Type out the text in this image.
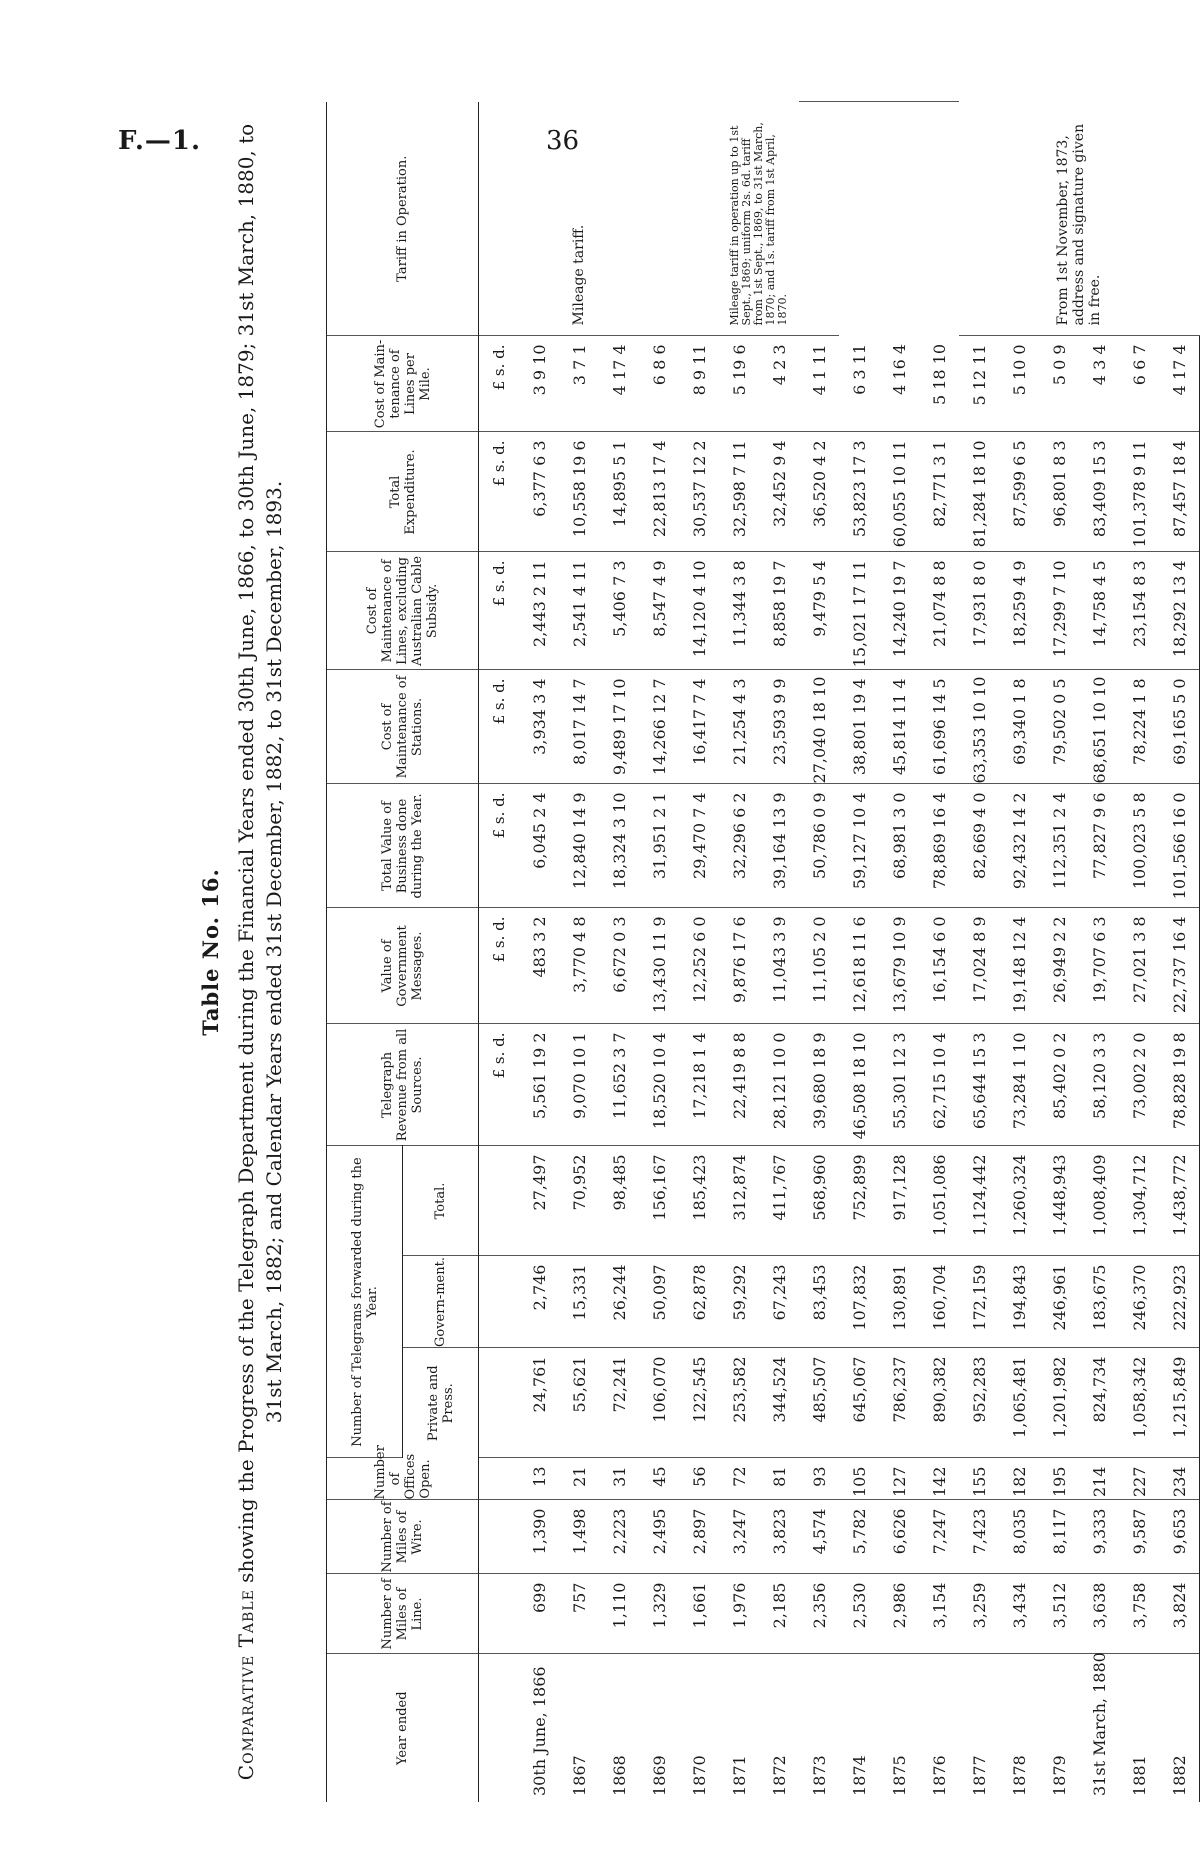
F.—1.	36
Table No. 16.
Comparative Table showing the Progress of the Telegraph Department during the Financial Years ended 30th June, 1866, to 30th June, 1879; 31st March, 1880, to 31st March, 1882; and Calendar Years ended 31st December, 1882, to 31st December, 1893.
Year ended	Number of Miles of Line.	Number of Miles of Wire.	Number of Offices Open.	Number of Telegrams forwarded during the Year.			Telegraph Revenue from all Sources.	Value of Government Messages.	Total Value of Business done during the Year.	Cost of Maintenance of Stations.	Cost of Maintenance of Lines, excluding Australian Cable Subsidy.	Total Expenditure.	Cost of Main-tenance of Lines per Mile.	Tariff in Operation.	
				Private and Press.	Govern-ment.	Total.									
							£ s. d.	£ s. d.	£ s. d.	£ s. d.	£ s. d.	£ s. d.	£ s. d.	Mileage tariff.	
30th June, 1866	699	1,390	13	24,761	2,746	27,497	5,561 19 2	483 3 2	6,045 2 4	3,934 3 4	2,443 2 11	6,377 6 3	3 9 10		
1867	757	1,498	21	55,621	15,331	70,952	9,070 10 1	3,770 4 8	12,840 14 9	8,017 14 7	2,541 4 11	10,558 19 6	3 7 1		
1868	1,110	2,223	31	72,241	26,244	98,485	11,652 3 7	6,672 0 3	18,324 3 10	9,489 17 10	5,406 7 3	14,895 5 1	4 17 4		
1869	1,329	2,495	45	106,070	50,097	156,167	18,520 10 4	13,430 11 9	31,951 2 1	14,266 12 7	8,547 4 9	22,813 17 4	6 8 6		
1870	1,661	2,897	56	122,545	62,878	185,423	17,218 1 4	12,252 6 0	29,470 7 4	16,417 7 4	14,120 4 10	30,537 12 2	8 9 11	Mileage tariff in operation up to 1st Sept., 1869; uniform 2s. 6d. tariff from 1st Sept., 1869, to 31st March, 1870; and 1s. tariff from 1st April, 1870.	
1871	1,976	3,247	72	253,582	59,292	312,874	22,419 8 8	9,876 17 6	32,296 6 2	21,254 4 3	11,344 3 8	32,598 7 11	5 19 6		
1872	2,185	3,823	81	344,524	67,243	411,767	28,121 10 0	11,043 3 9	39,164 13 9	23,593 9 9	8,858 19 7	32,452 9 4	4 2 3		
1873	2,356	4,574	93	485,507	83,453	568,960	39,680 18 9	11,105 2 0	50,786 0 9	27,040 18 10	9,479 5 4	36,520 4 2	4 1 11		
1874	2,530	5,782	105	645,067	107,832	752,899	46,508 18 10	12,618 11 6	59,127 10 4	38,801 19 4	15,021 17 11	53,823 17 3	6 3 11		
1875	2,986	6,626	127	786,237	130,891	917,128	55,301 12 3	13,679 10 9	68,981 3 0	45,814 11 4	14,240 19 7	60,055 10 11	4 16 4		
1876	3,154	7,247	142	890,382	160,704	1,051,086	62,715 10 4	16,154 6 0	78,869 16 4	61,696 14 5	21,074 8 8	82,771 3 1	5 18 10		
1877	3,259	7,423	155	952,283	172,159	1,124,442	65,644 15 3	17,024 8 9	82,669 4 0	63,353 10 10	17,931 8 0	81,284 18 10	5 12 11	From 1st November, 1873, address and signature given in free.	
1878	3,434	8,035	182	1,065,481	194,843	1,260,324	73,284 1 10	19,148 12 4	92,432 14 2	69,340 1 8	18,259 4 9	87,599 6 5	5 10 0		
1879	3,512	8,117	195	1,201,982	246,961	1,448,943	85,402 0 2	26,949 2 2	112,351 2 4	79,502 0 5	17,299 7 10	96,801 8 3	5 0 9		
31st March, 1880	3,638	9,333	214	824,734	183,675	1,008,409	58,120 3 3	19,707 6 3	77,827 9 6	68,651 10 10	14,758 4 5	83,409 15 3	4 3 4		
1881	3,758	9,587	227	1,058,342	246,370	1,304,712	73,002 2 0	27,021 3 8	100,023 5 8	78,224 1 8	23,154 8 3	101,378 9 11	6 6 7		
1882	3,824	9,653	234	1,215,849	222,923	1,438,772	78,828 19 8	22,737 16 4	101,566 16 0	69,165 5 0	18,292 13 4	87,457 18 4	4 17 4		
